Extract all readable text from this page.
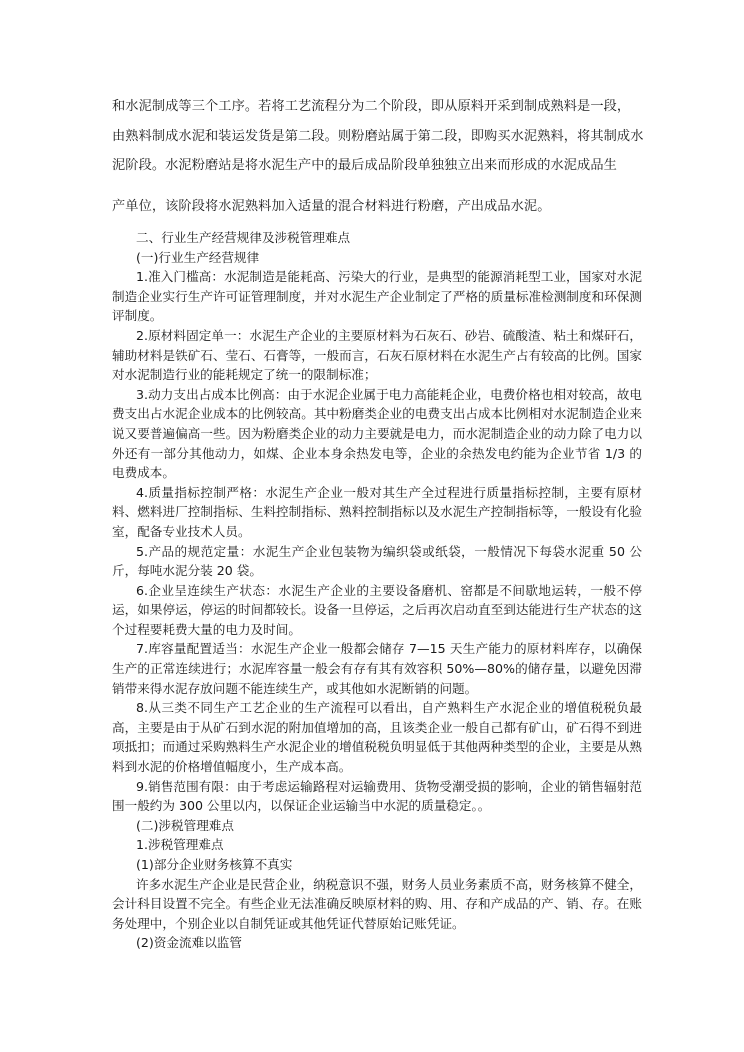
和水泥制成等三个工序。若将工艺流程分为二个阶段，即从原料开采到制成熟料是一段，
由熟料制成水泥和装运发货是第二段。则粉磨站属于第二段，即购买水泥熟料，将其制成水
泥阶段。水泥粉磨站是将水泥生产中的最后成品阶段单独独立出来而形成的水泥成品生
产单位，该阶段将水泥熟料加入适量的混合材料进行粉磨，产出成品水泥。

二、行业生产经营规律及涉税管理难点

(一)行业生产经营规律

1.准入门槛高：水泥制造是能耗高、污染大的行业，是典型的能源消耗型工业，国家对水泥制造企业实行生产许可证管理制度，并对水泥生产企业制定了严格的质量标准检测制度和环保测评制度。

2.原材料固定单一：水泥生产企业的主要原材料为石灰石、砂岩、硫酸渣、粘土和煤矸石，辅助材料是铁矿石、莹石、石膏等，一般而言，石灰石原材料在水泥生产占有较高的比例。国家对水泥制造行业的能耗规定了统一的限制标准；

3.动力支出占成本比例高：由于水泥企业属于电力高能耗企业，电费价格也相对较高，故电费支出占水泥企业成本的比例较高。其中粉磨类企业的电费支出占成本比例相对水泥制造企业来说又要普遍偏高一些。因为粉磨类企业的动力主要就是电力，而水泥制造企业的动力除了电力以外还有一部分其他动力，如煤、企业本身余热发电等，企业的余热发电约能为企业节省 1/3 的电费成本。

4.质量指标控制严格：水泥生产企业一般对其生产全过程进行质量指标控制，主要有原材料、燃料进厂控制指标、生料控制指标、熟料控制指标以及水泥生产控制指标等，一般设有化验室，配备专业技术人员。

5.产品的规范定量：水泥生产企业包装物为编织袋或纸袋，一般情况下每袋水泥重 50 公斤，每吨水泥分装 20 袋。

6.企业呈连续生产状态：水泥生产企业的主要设备磨机、窑都是不间歇地运转，一般不停运，如果停运，停运的时间都较长。设备一旦停运，之后再次启动直至到达能进行生产状态的这个过程要耗费大量的电力及时间。

7.库容量配置适当：水泥生产企业一般都会储存 7—15 天生产能力的原材料库存，以确保生产的正常连续进行；水泥库容量一般会有存有其有效容积 50%—80%的储存量，以避免因滞销带来得水泥存放问题不能连续生产，或其他如水泥断销的问题。

8.从三类不同生产工艺企业的生产流程可以看出，自产熟料生产水泥企业的增值税税负最高，主要是由于从矿石到水泥的附加值增加的高，且该类企业一般自己都有矿山，矿石得不到进项抵扣；而通过采购熟料生产水泥企业的增值税税负明显低于其他两种类型的企业，主要是从熟料到水泥的价格增值幅度小，生产成本高。

9.销售范围有限：由于考虑运输路程对运输费用、货物受潮受损的影响，企业的销售辐射范围一般约为 300 公里以内，以保证企业运输当中水泥的质量稳定。。

(二)涉税管理难点

1.涉税管理难点

(1)部分企业财务核算不真实

许多水泥生产企业是民营企业，纳税意识不强，财务人员业务素质不高，财务核算不健全，会计科目设置不完全。有些企业无法准确反映原材料的购、用、存和产成品的产、销、存。在账务处理中，个别企业以自制凭证或其他凭证代替原始记账凭证。

(2)资金流难以监管
